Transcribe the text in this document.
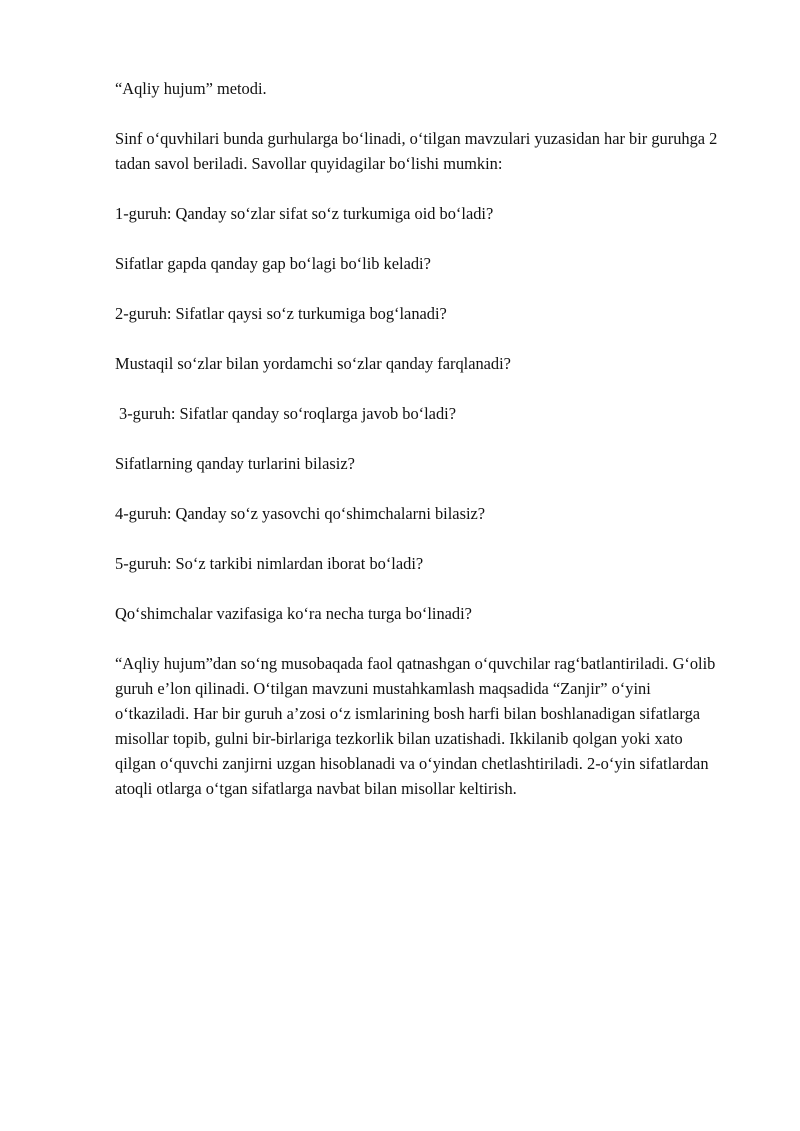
“Aqliy hujum” metodi.

Sinf o‘quvhilari bunda gurhularga bo‘linadi, o‘tilgan mavzulari yuzasidan har bir guruhga 2 tadan savol beriladi. Savollar quyidagilar bo‘lishi mumkin:

1-guruh: Qanday so‘zlar sifat so‘z turkumiga oid bo‘ladi?

Sifatlar gapda qanday gap bo‘lagi bo‘lib keladi?

2-guruh: Sifatlar qaysi so‘z turkumiga bog‘lanadi?

Mustaqil so‘zlar bilan yordamchi so‘zlar qanday farqlanadi?

3-guruh: Sifatlar qanday so‘roqlarga javob bo‘ladi?

Sifatlarning qanday turlarini bilasiz?

4-guruh: Qanday so‘z yasovchi qo‘shimchalarni bilasiz?

5-guruh: So‘z tarkibi nimlardan iborat bo‘ladi?

Qo‘shimchalar vazifasiga ko‘ra necha turga bo‘linadi?

“Aqliy hujum”dan so‘ng musobaqada faol qatnashgan o‘quvchilar rag‘batlantiriladi. G‘olib guruh e’lon qilinadi. O‘tilgan mavzuni mustahkamlash maqsadida “Zanjir” o‘yini o‘tkaziladi. Har bir guruh a’zosi o‘z ismlarining bosh harfi bilan boshlanadigan sifatlarga misollar topib, gulni bir-birlariga tezkorlik bilan uzatishadi. Ikkilanib qolgan yoki xato qilgan o‘quvchi zanjirni uzgan hisoblanadi va o‘yindan chetlashtiriladi. 2-o‘yin sifatlardan atoqli otlarga o‘tgan sifatlarga navbat bilan misollar keltirish.
